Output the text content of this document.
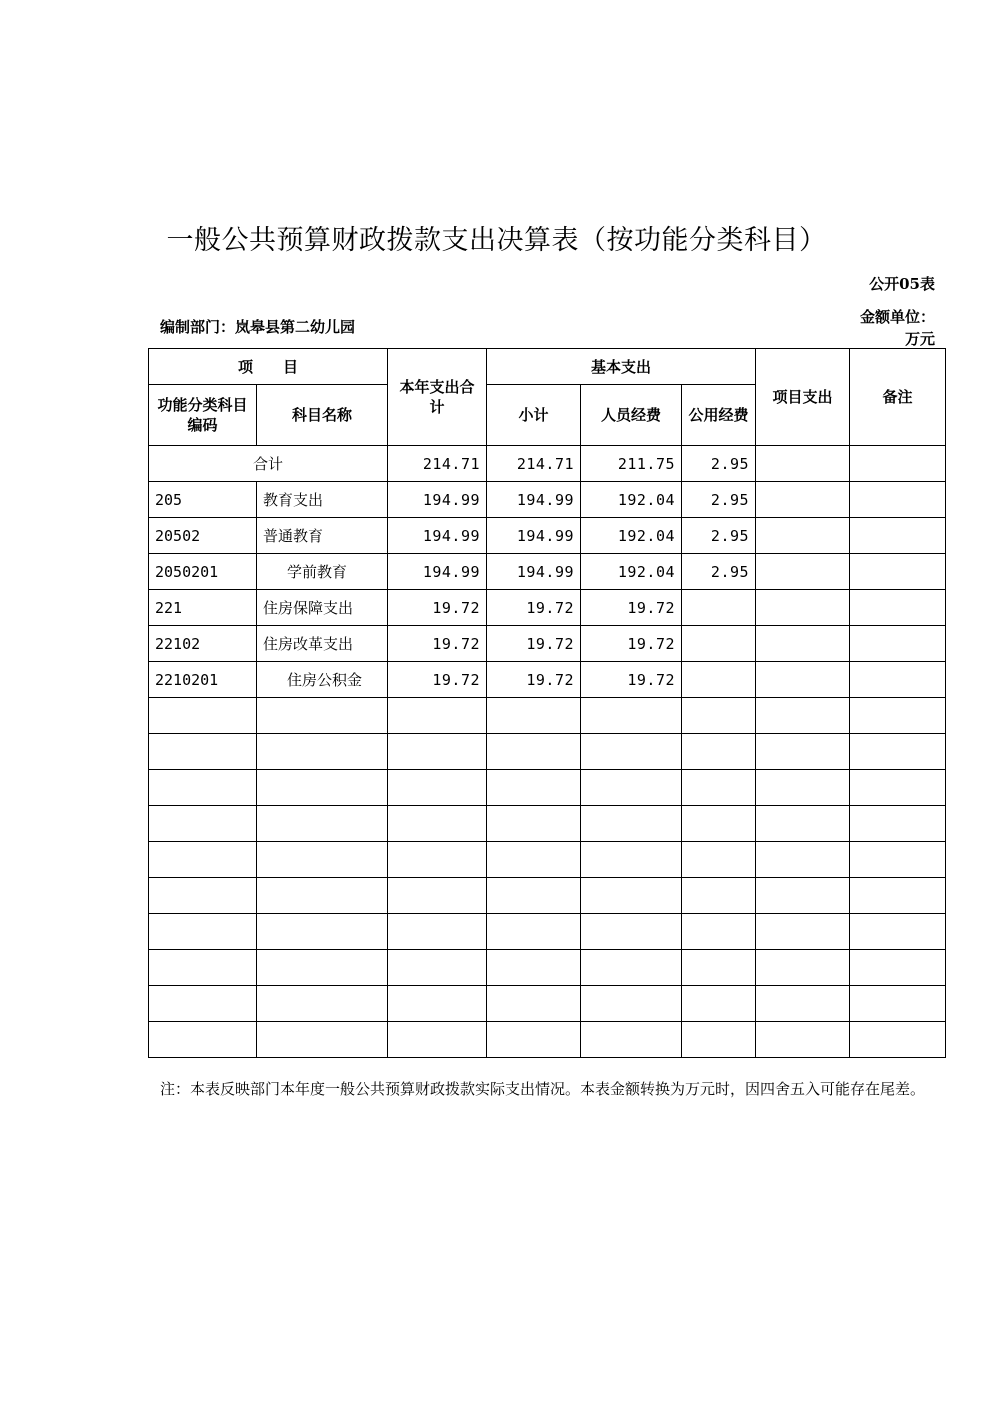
一般公共预算财政拨款支出决算表（按功能分类科目）
公开05表
编制部门：岚皋县第二幼儿园
金额单位：
万元
项　　目		本年支出合计	基本支出			项目支出	备注
功能分类科目编码	科目名称		小计	人员经费	公用经费		
合计		214.71	214.71	211.75	2.95		
205	教育支出	194.99	194.99	192.04	2.95		
20502	普通教育	194.99	194.99	192.04	2.95		
2050201	学前教育	194.99	194.99	192.04	2.95		
221	住房保障支出	19.72	19.72	19.72			
22102	住房改革支出	19.72	19.72	19.72			
2210201	住房公积金	19.72	19.72	19.72			

注：本表反映部门本年度一般公共预算财政拨款实际支出情况。本表金额转换为万元时，因四舍五入可能存在尾差。
